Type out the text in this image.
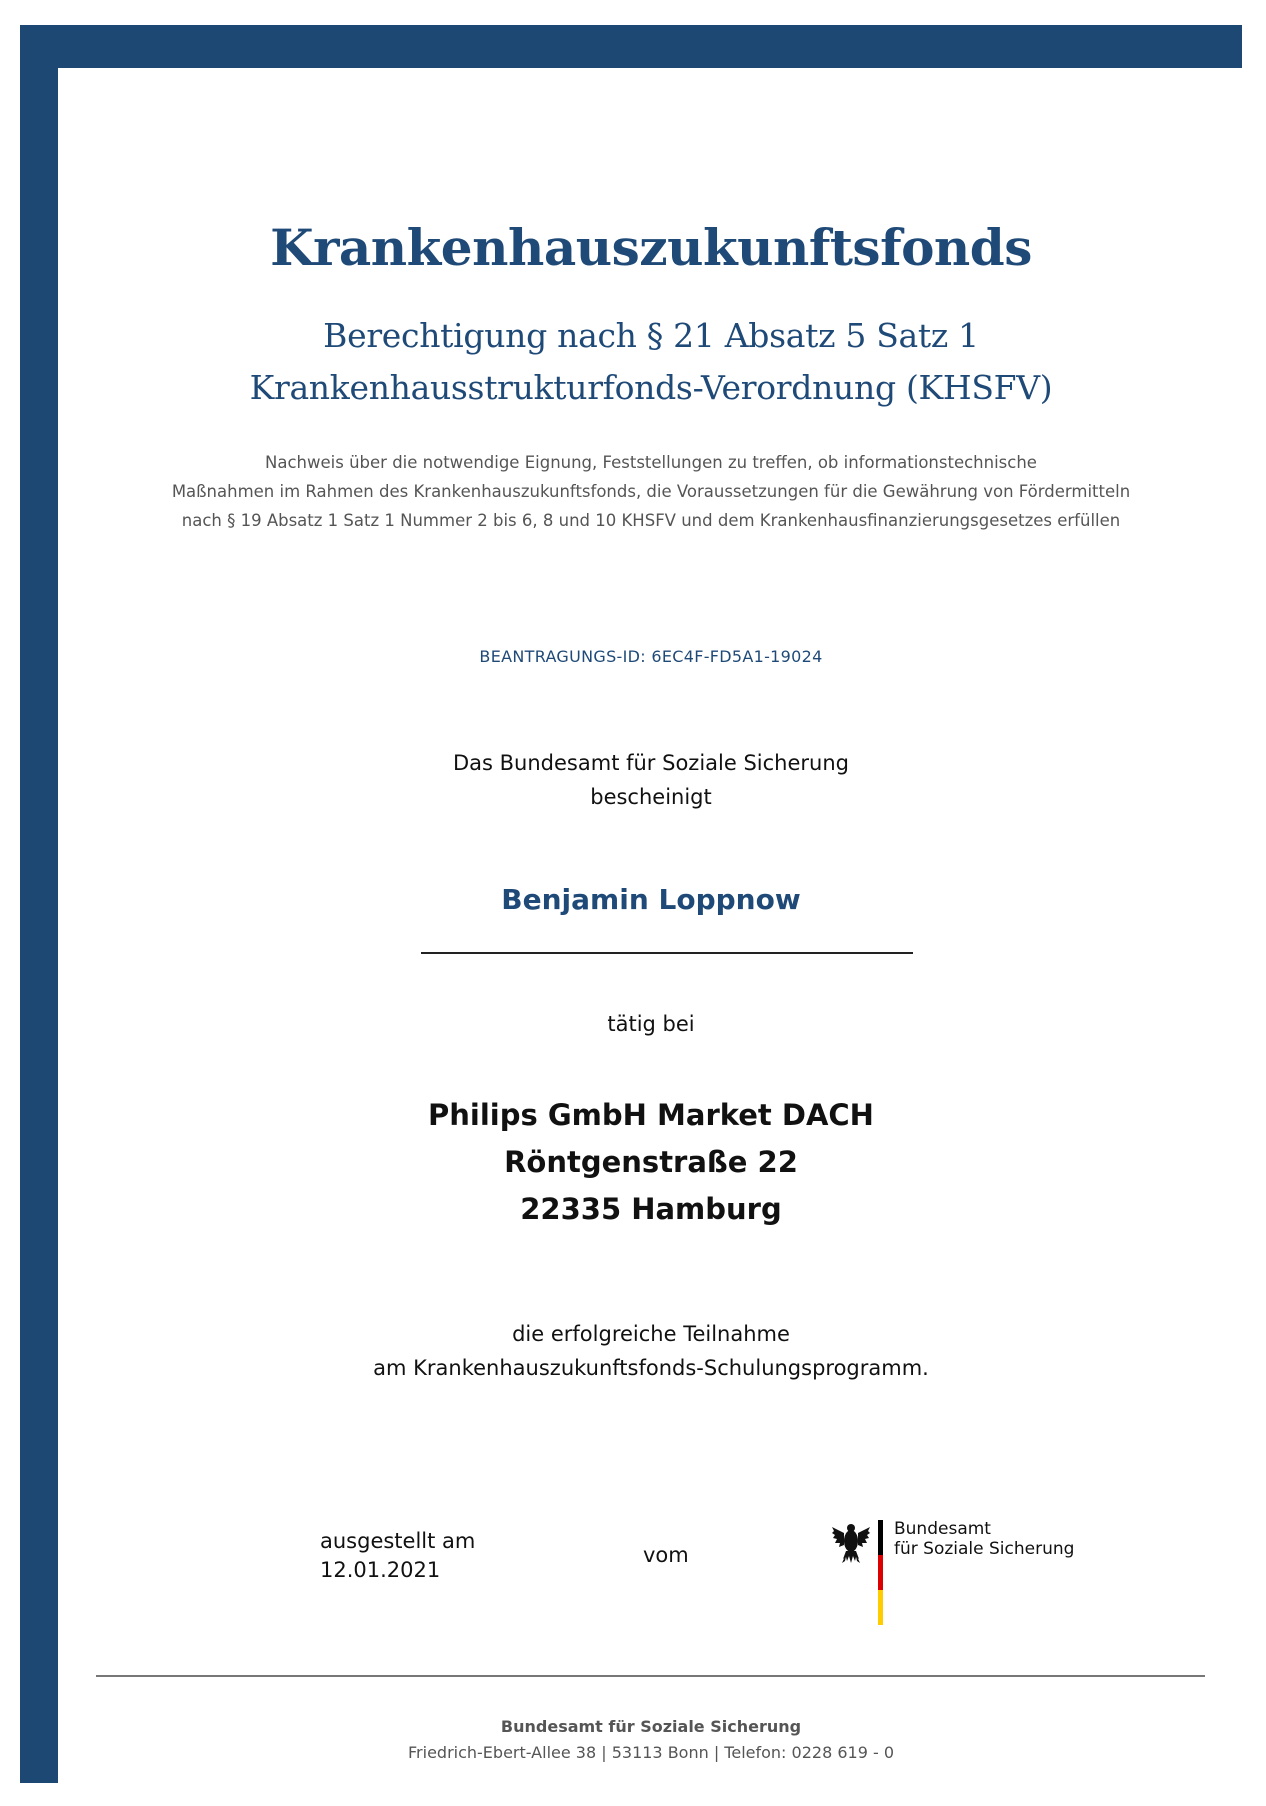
Krankenhauszukunftsfonds
Berechtigung nach § 21 Absatz 5 Satz 1
Krankenhausstrukturfonds-Verordnung (KHSFV)
Nachweis über die notwendige Eignung, Feststellungen zu treffen, ob informationstechnische
Maßnahmen im Rahmen des Krankenhauszukunftsfonds, die Voraussetzungen für die Gewährung von Fördermitteln
nach § 19 Absatz 1 Satz 1 Nummer 2 bis 6, 8 und 10 KHSFV und dem Krankenhausfinanzierungsgesetzes erfüllen
BEANTRAGUNGS-ID: 6EC4F-FD5A1-19024
Das Bundesamt für Soziale Sicherung
bescheinigt
Benjamin Loppnow
tätig bei
Philips GmbH Market DACH
Röntgenstraße 22
22335 Hamburg
die erfolgreiche Teilnahme
am Krankenhauszukunftsfonds-Schulungsprogramm.
ausgestellt am
12.01.2021
vom
Bundesamt
für Soziale Sicherung
Bundesamt für Soziale Sicherung
Friedrich-Ebert-Allee 38 | 53113 Bonn | Telefon: 0228 619 - 0
